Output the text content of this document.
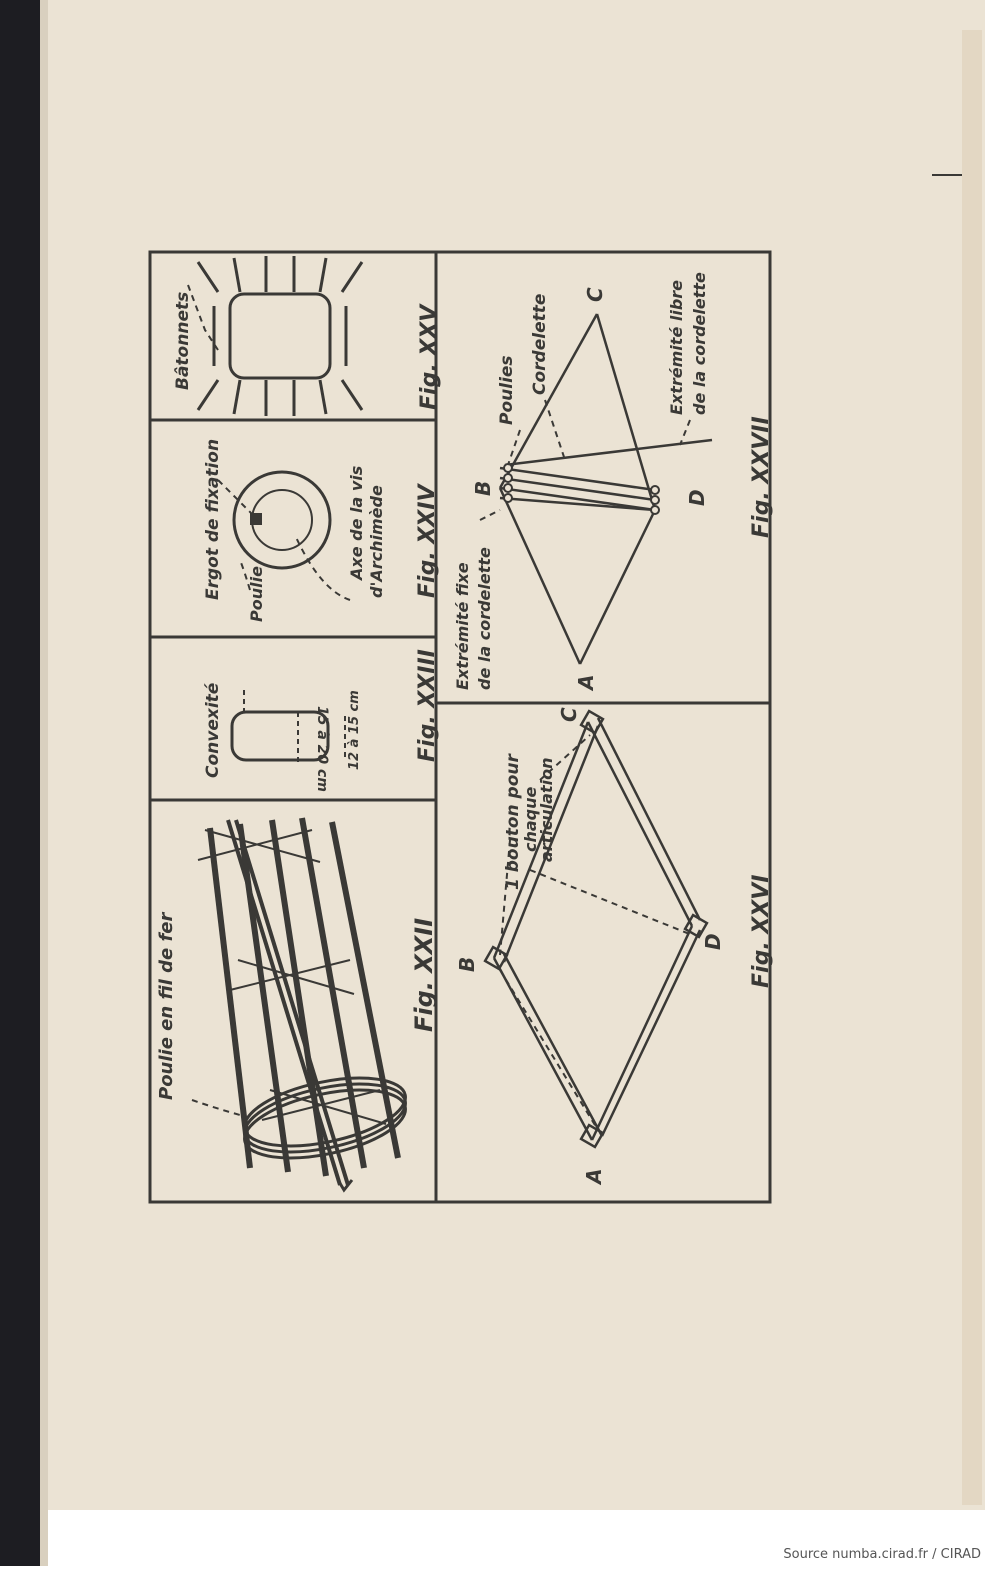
Bâtonnets	Fig. XXV
Ergot de fixation Poulie
Axe de la vis d'Archimède Fig. XXIV
Convexité	15 à 20 cm 12 à 15 cm Fig. XXIII
Poulie en fil de fer	Fig. XXII
Extrémité fixe de la cordelette
Poulies Cordelette	Extrémité libre de la cordelette
A
B
C
D Fig. XXVII
1 bouton pour
chaque
articulation
A
B
C
D Fig. XXVI
Source numba.cirad.fr / CIRAD
